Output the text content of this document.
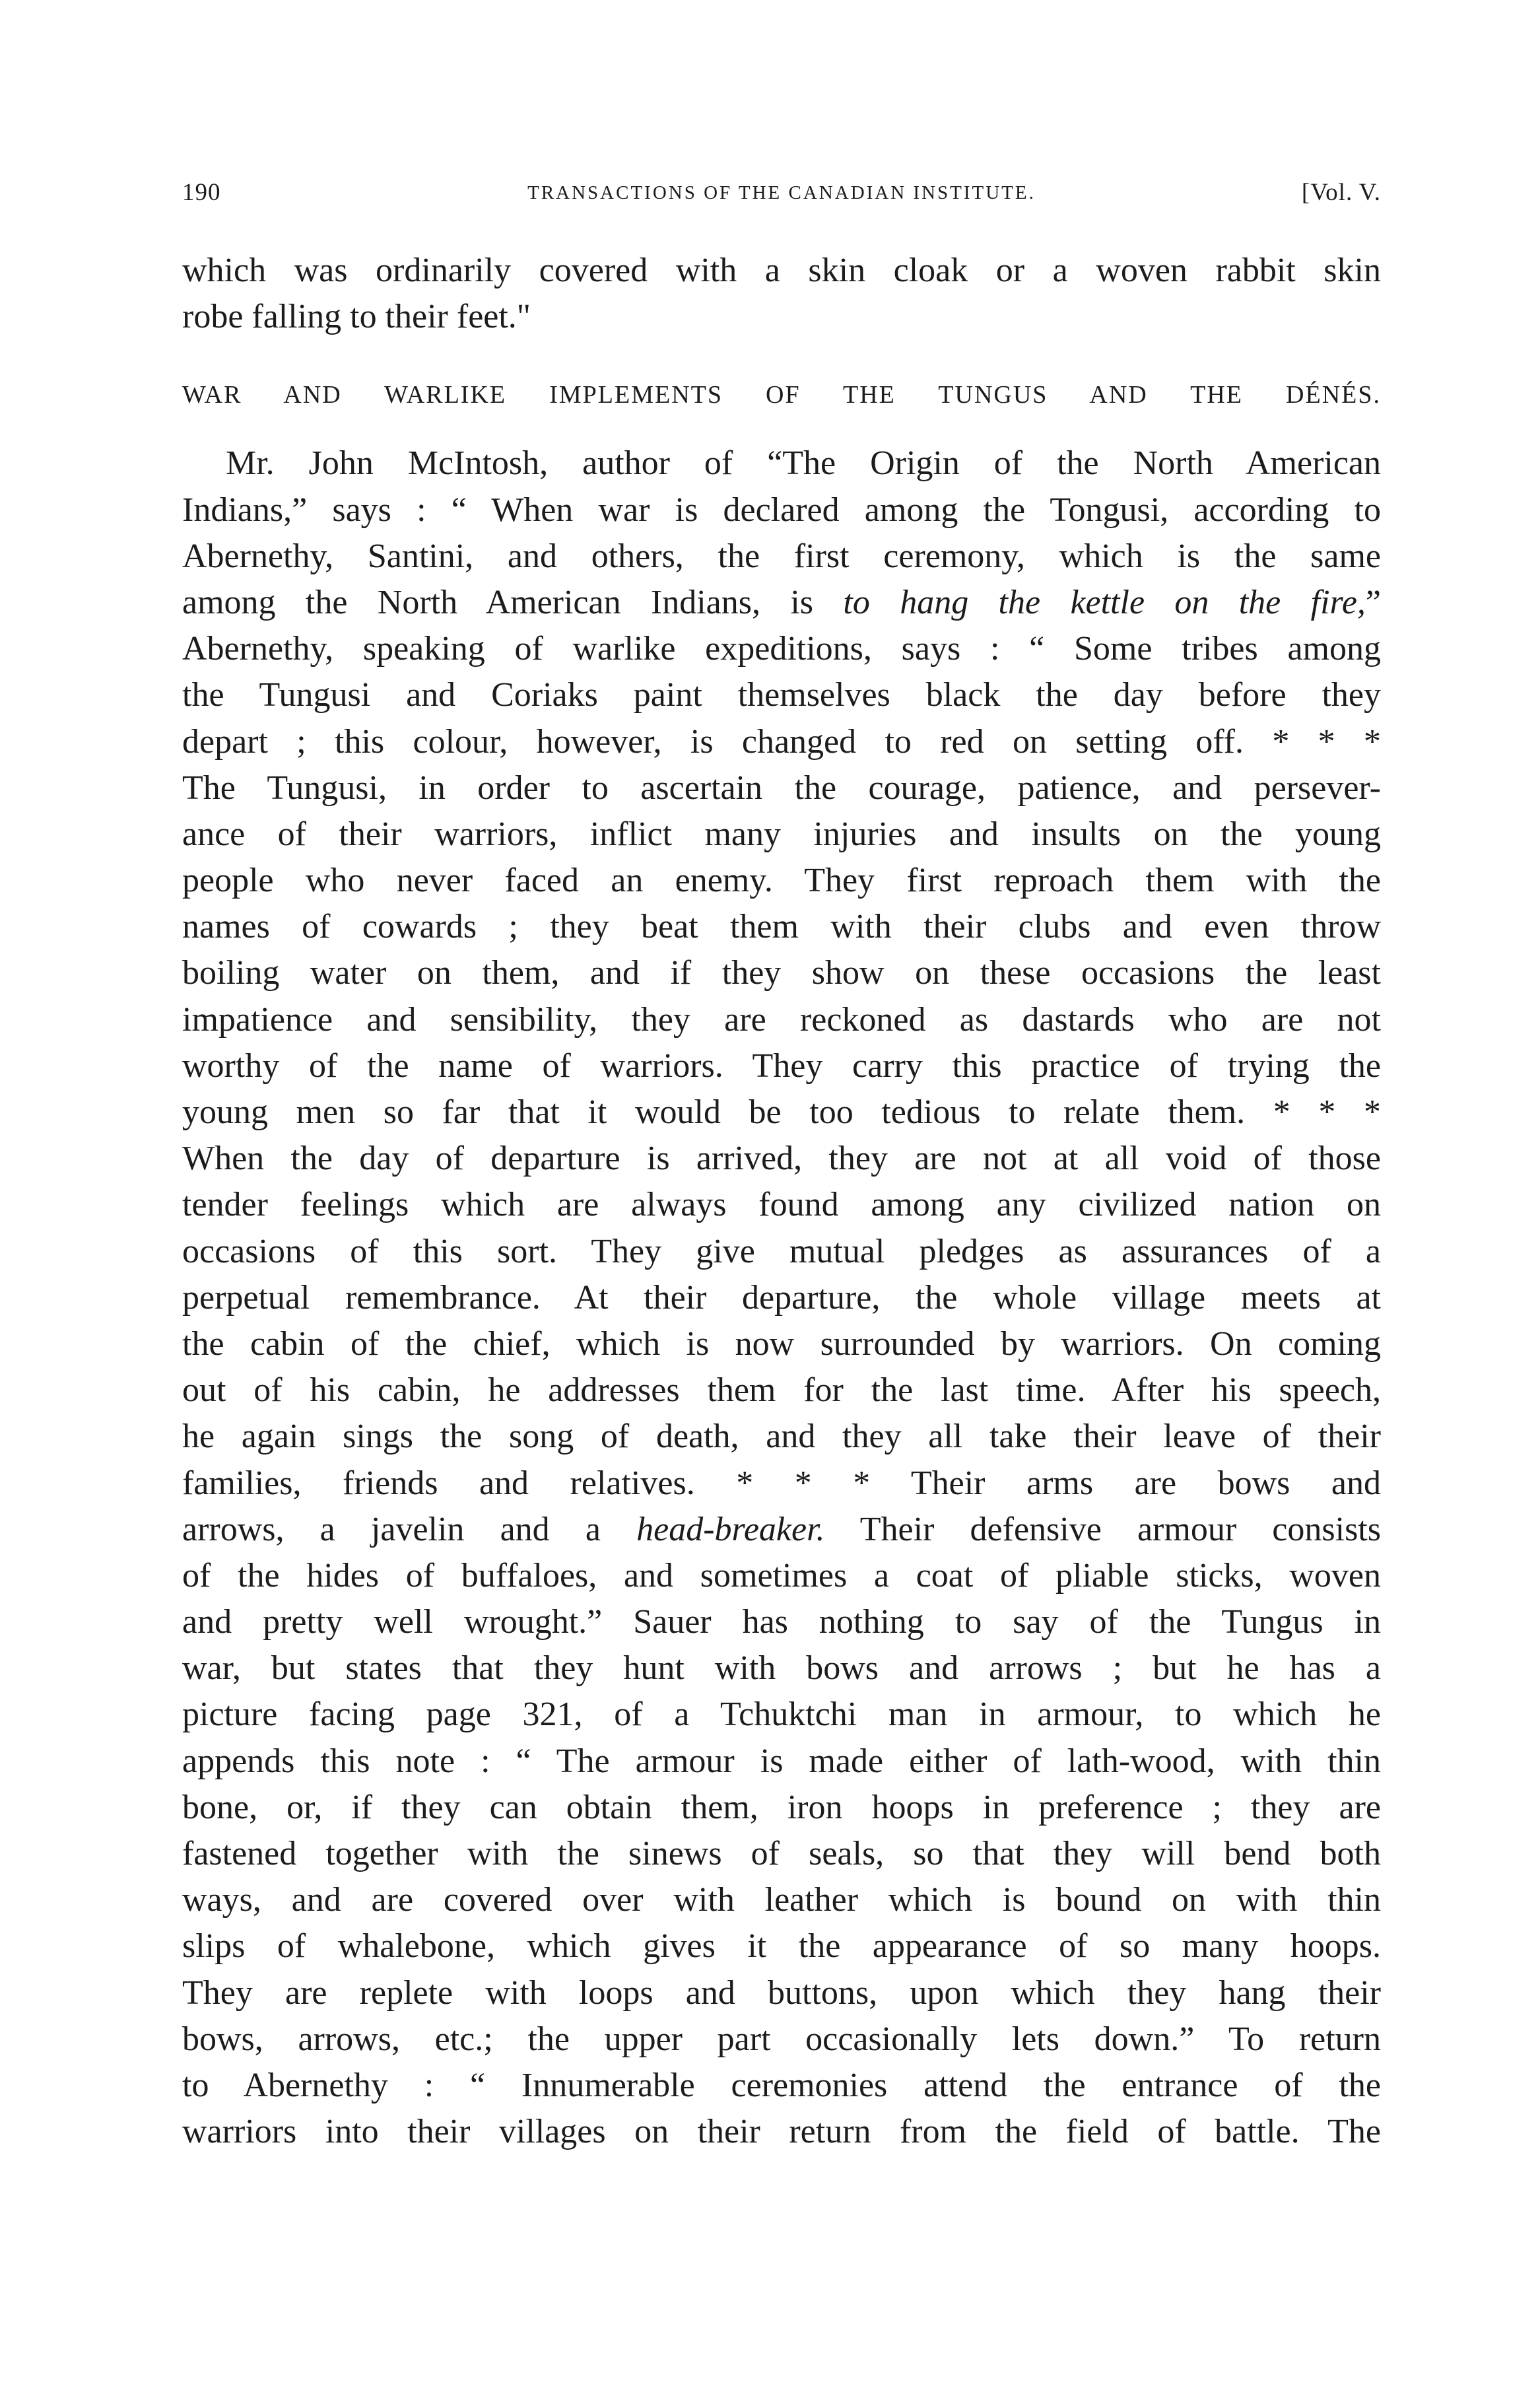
190	TRANSACTIONS OF THE CANADIAN INSTITUTE.	[Vol. V.
which was ordinarily covered with a skin cloak or a woven rabbit skin
robe falling to their feet."
WAR AND WARLIKE IMPLEMENTS OF THE TUNGUS AND THE DÉNÉS.
Mr. John McIntosh, author of “The Origin of the North American
Indians,” says : “ When war is declared among the Tongusi, according to
Abernethy, Santini, and others, the first ceremony, which is the same
among the North American Indians, is to hang the kettle on the fire,”
Abernethy, speaking of warlike expeditions, says : “ Some tribes among
the Tungusi and Coriaks paint themselves black the day before they
depart ; this colour, however, is changed to red on setting off. * * *
The Tungusi, in order to ascertain the courage, patience, and persever-
ance of their warriors, inflict many injuries and insults on the young
people who never faced an enemy. They first reproach them with the
names of cowards ; they beat them with their clubs and even throw
boiling water on them, and if they show on these occasions the least
impatience and sensibility, they are reckoned as dastards who are not
worthy of the name of warriors. They carry this practice of trying the
young men so far that it would be too tedious to relate them. * * *
When the day of departure is arrived, they are not at all void of those
tender feelings which are always found among any civilized nation on
occasions of this sort. They give mutual pledges as assurances of a
perpetual remembrance. At their departure, the whole village meets at
the cabin of the chief, which is now surrounded by warriors. On coming
out of his cabin, he addresses them for the last time. After his speech,
he again sings the song of death, and they all take their leave of their
families, friends and relatives. * * * Their arms are bows and
arrows, a javelin and a head-breaker. Their defensive armour consists
of the hides of buffaloes, and sometimes a coat of pliable sticks, woven
and pretty well wrought.” Sauer has nothing to say of the Tungus in
war, but states that they hunt with bows and arrows ; but he has a
picture facing page 321, of a Tchuktchi man in armour, to which he
appends this note : “ The armour is made either of lath-wood, with thin
bone, or, if they can obtain them, iron hoops in preference ; they are
fastened together with the sinews of seals, so that they will bend both
ways, and are covered over with leather which is bound on with thin
slips of whalebone, which gives it the appearance of so many hoops.
They are replete with loops and buttons, upon which they hang their
bows, arrows, etc.; the upper part occasionally lets down.” To return
to Abernethy : “ Innumerable ceremonies attend the entrance of the
warriors into their villages on their return from the field of battle. The
